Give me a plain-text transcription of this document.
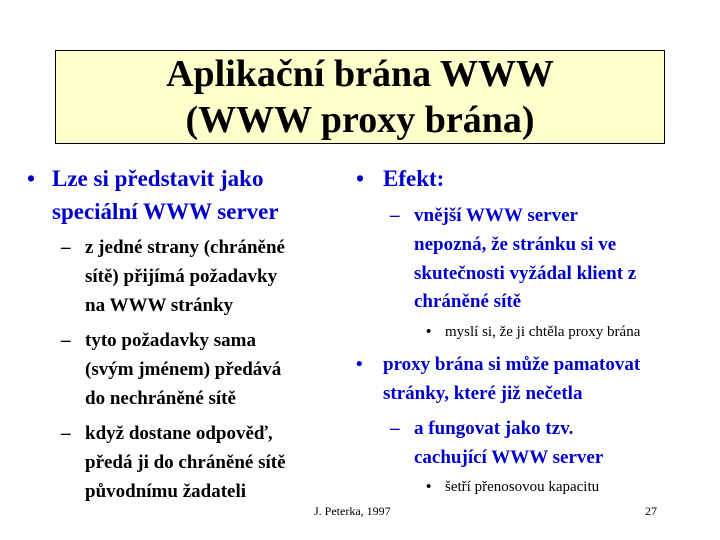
Aplikační brána WWW
(WWW proxy brána)
• Lze si představit jako
speciální WWW server
– z jedné strany (chráněné
sítě) přijímá požadavky
na WWW stránky
– tyto požadavky sama
(svým jménem) předává
do nechráněné sítě
– když dostane odpověď,
předá ji do chráněné sítě
původnímu žadateli
• Efekt:
– vnější WWW server
nepozná, že stránku si ve
skutečnosti vyžádal klient z
chráněné sítě
• myslí si, že ji chtěla proxy brána
• proxy brána si může pamatovat
stránky, které již nečetla
– a fungovat jako tzv.
cachující WWW server
• šetří přenosovou kapacitu
J. Peterka, 1997	27
